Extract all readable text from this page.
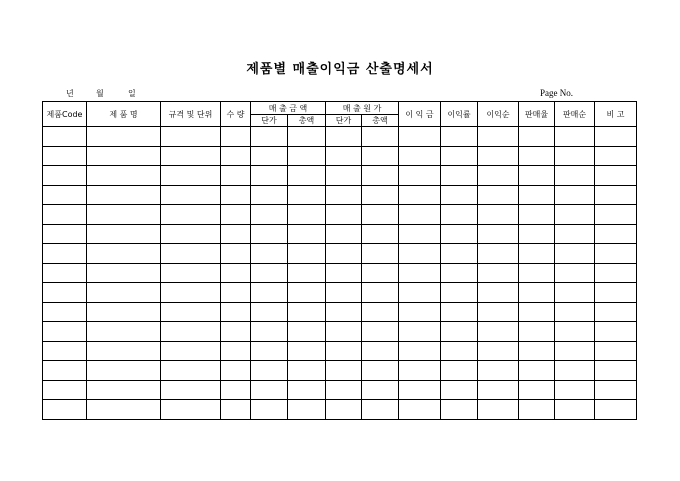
제품별 매출이익금 산출명세서
년	월	일	Page No.
제품Code	제 품 명	규격 및 단위	수 량	매 출 금 액		매 출 원 가		이 익 금	이익률	이익순	판매율	판매순	비 고
				단가	총액	단가	총액						
